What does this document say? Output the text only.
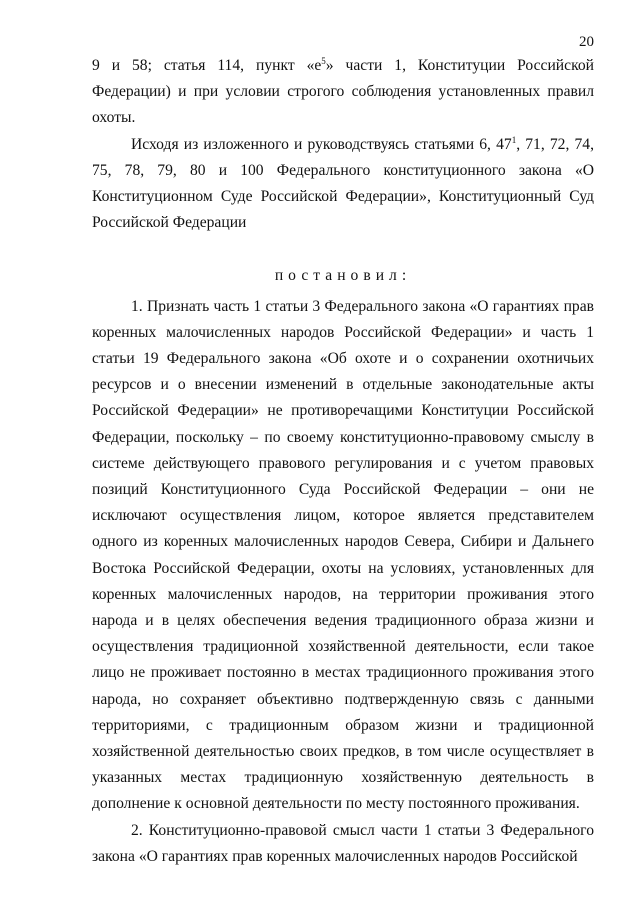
20

9 и 58; статья 114, пункт «$е^5$» части 1, Конституции Российской Федерации) и при условии строгого соблюдения установленных правил охоты.

Исходя из изложенного и руководствуясь статьями 6, $47^1$, 71, 72, 74, 75, 78, 79, 80 и 100 Федерального конституционного закона «О Конституционном Суде Российской Федерации», Конституционный Суд Российской Федерации

постановил:

1. Признать часть 1 статьи 3 Федерального закона «О гарантиях прав коренных малочисленных народов Российской Федерации» и часть 1 статьи 19 Федерального закона «Об охоте и о сохранении охотничьих ресурсов и о внесении изменений в отдельные законодательные акты Российской Федерации» не противоречащими Конституции Российской Федерации, поскольку – по своему конституционно-правовому смыслу в системе действующего правового регулирования и с учетом правовых позиций Конституционного Суда Российской Федерации – они не исключают осуществления лицом, которое является представителем одного из коренных малочисленных народов Севера, Сибири и Дальнего Востока Российской Федерации, охоты на условиях, установленных для коренных малочисленных народов, на территории проживания этого народа и в целях обеспечения ведения традиционного образа жизни и осуществления традиционной хозяйственной деятельности, если такое лицо не проживает постоянно в местах традиционного проживания этого народа, но сохраняет объективно подтвержденную связь с данными территориями, с традиционным образом жизни и традиционной хозяйственной деятельностью своих предков, в том числе осуществляет в указанных местах традиционную хозяйственную деятельность в дополнение к основной деятельности по месту постоянного проживания.

2. Конституционно-правовой смысл части 1 статьи 3 Федерального закона «О гарантиях прав коренных малочисленных народов Российской
